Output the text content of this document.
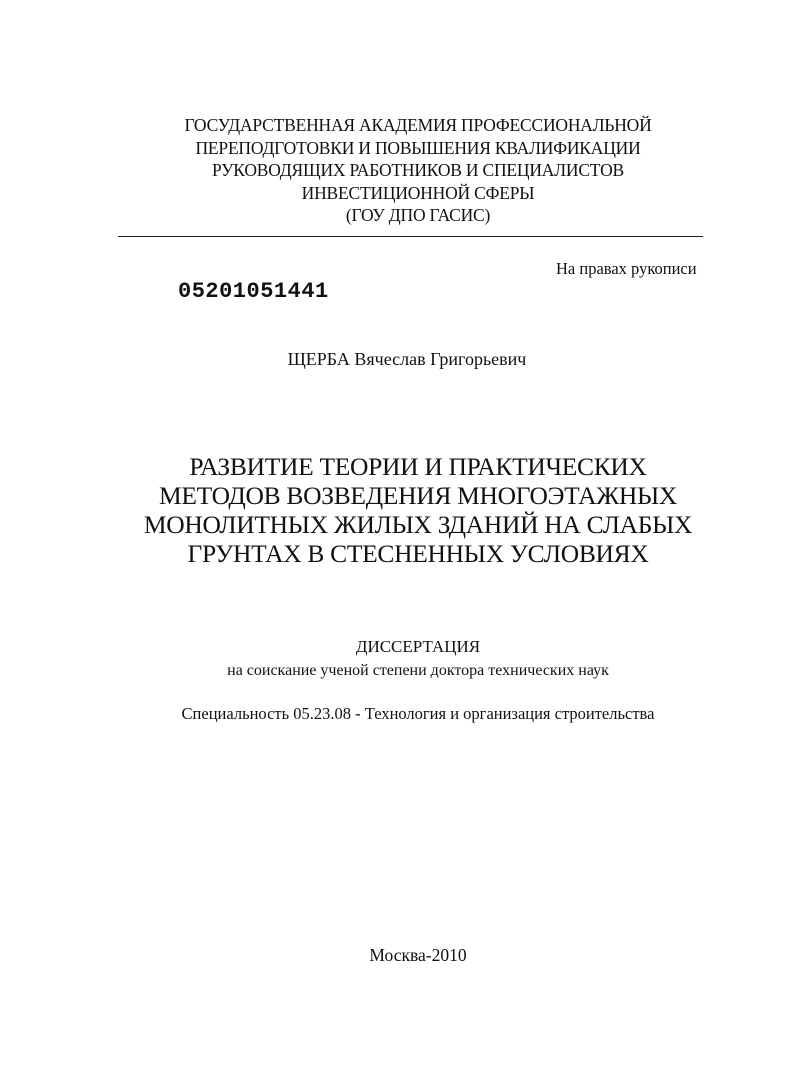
ГОСУДАРСТВЕННАЯ АКАДЕМИЯ ПРОФЕССИОНАЛЬНОЙ
ПЕРЕПОДГОТОВКИ И ПОВЫШЕНИЯ КВАЛИФИКАЦИИ
РУКОВОДЯЩИХ РАБОТНИКОВ И СПЕЦИАЛИСТОВ
ИНВЕСТИЦИОННОЙ СФЕРЫ
(ГОУ ДПО ГАСИС)
На правах рукописи
05201051441
ЩЕРБА Вячеслав Григорьевич
РАЗВИТИЕ ТЕОРИИ И ПРАКТИЧЕСКИХ
МЕТОДОВ ВОЗВЕДЕНИЯ МНОГОЭТАЖНЫХ
МОНОЛИТНЫХ ЖИЛЫХ ЗДАНИЙ НА СЛАБЫХ
ГРУНТАХ В СТЕСНЕННЫХ УСЛОВИЯХ
ДИССЕРТАЦИЯ
на соискание ученой степени доктора технических наук
Специальность 05.23.08 - Технология и организация строительства
Москва-2010
